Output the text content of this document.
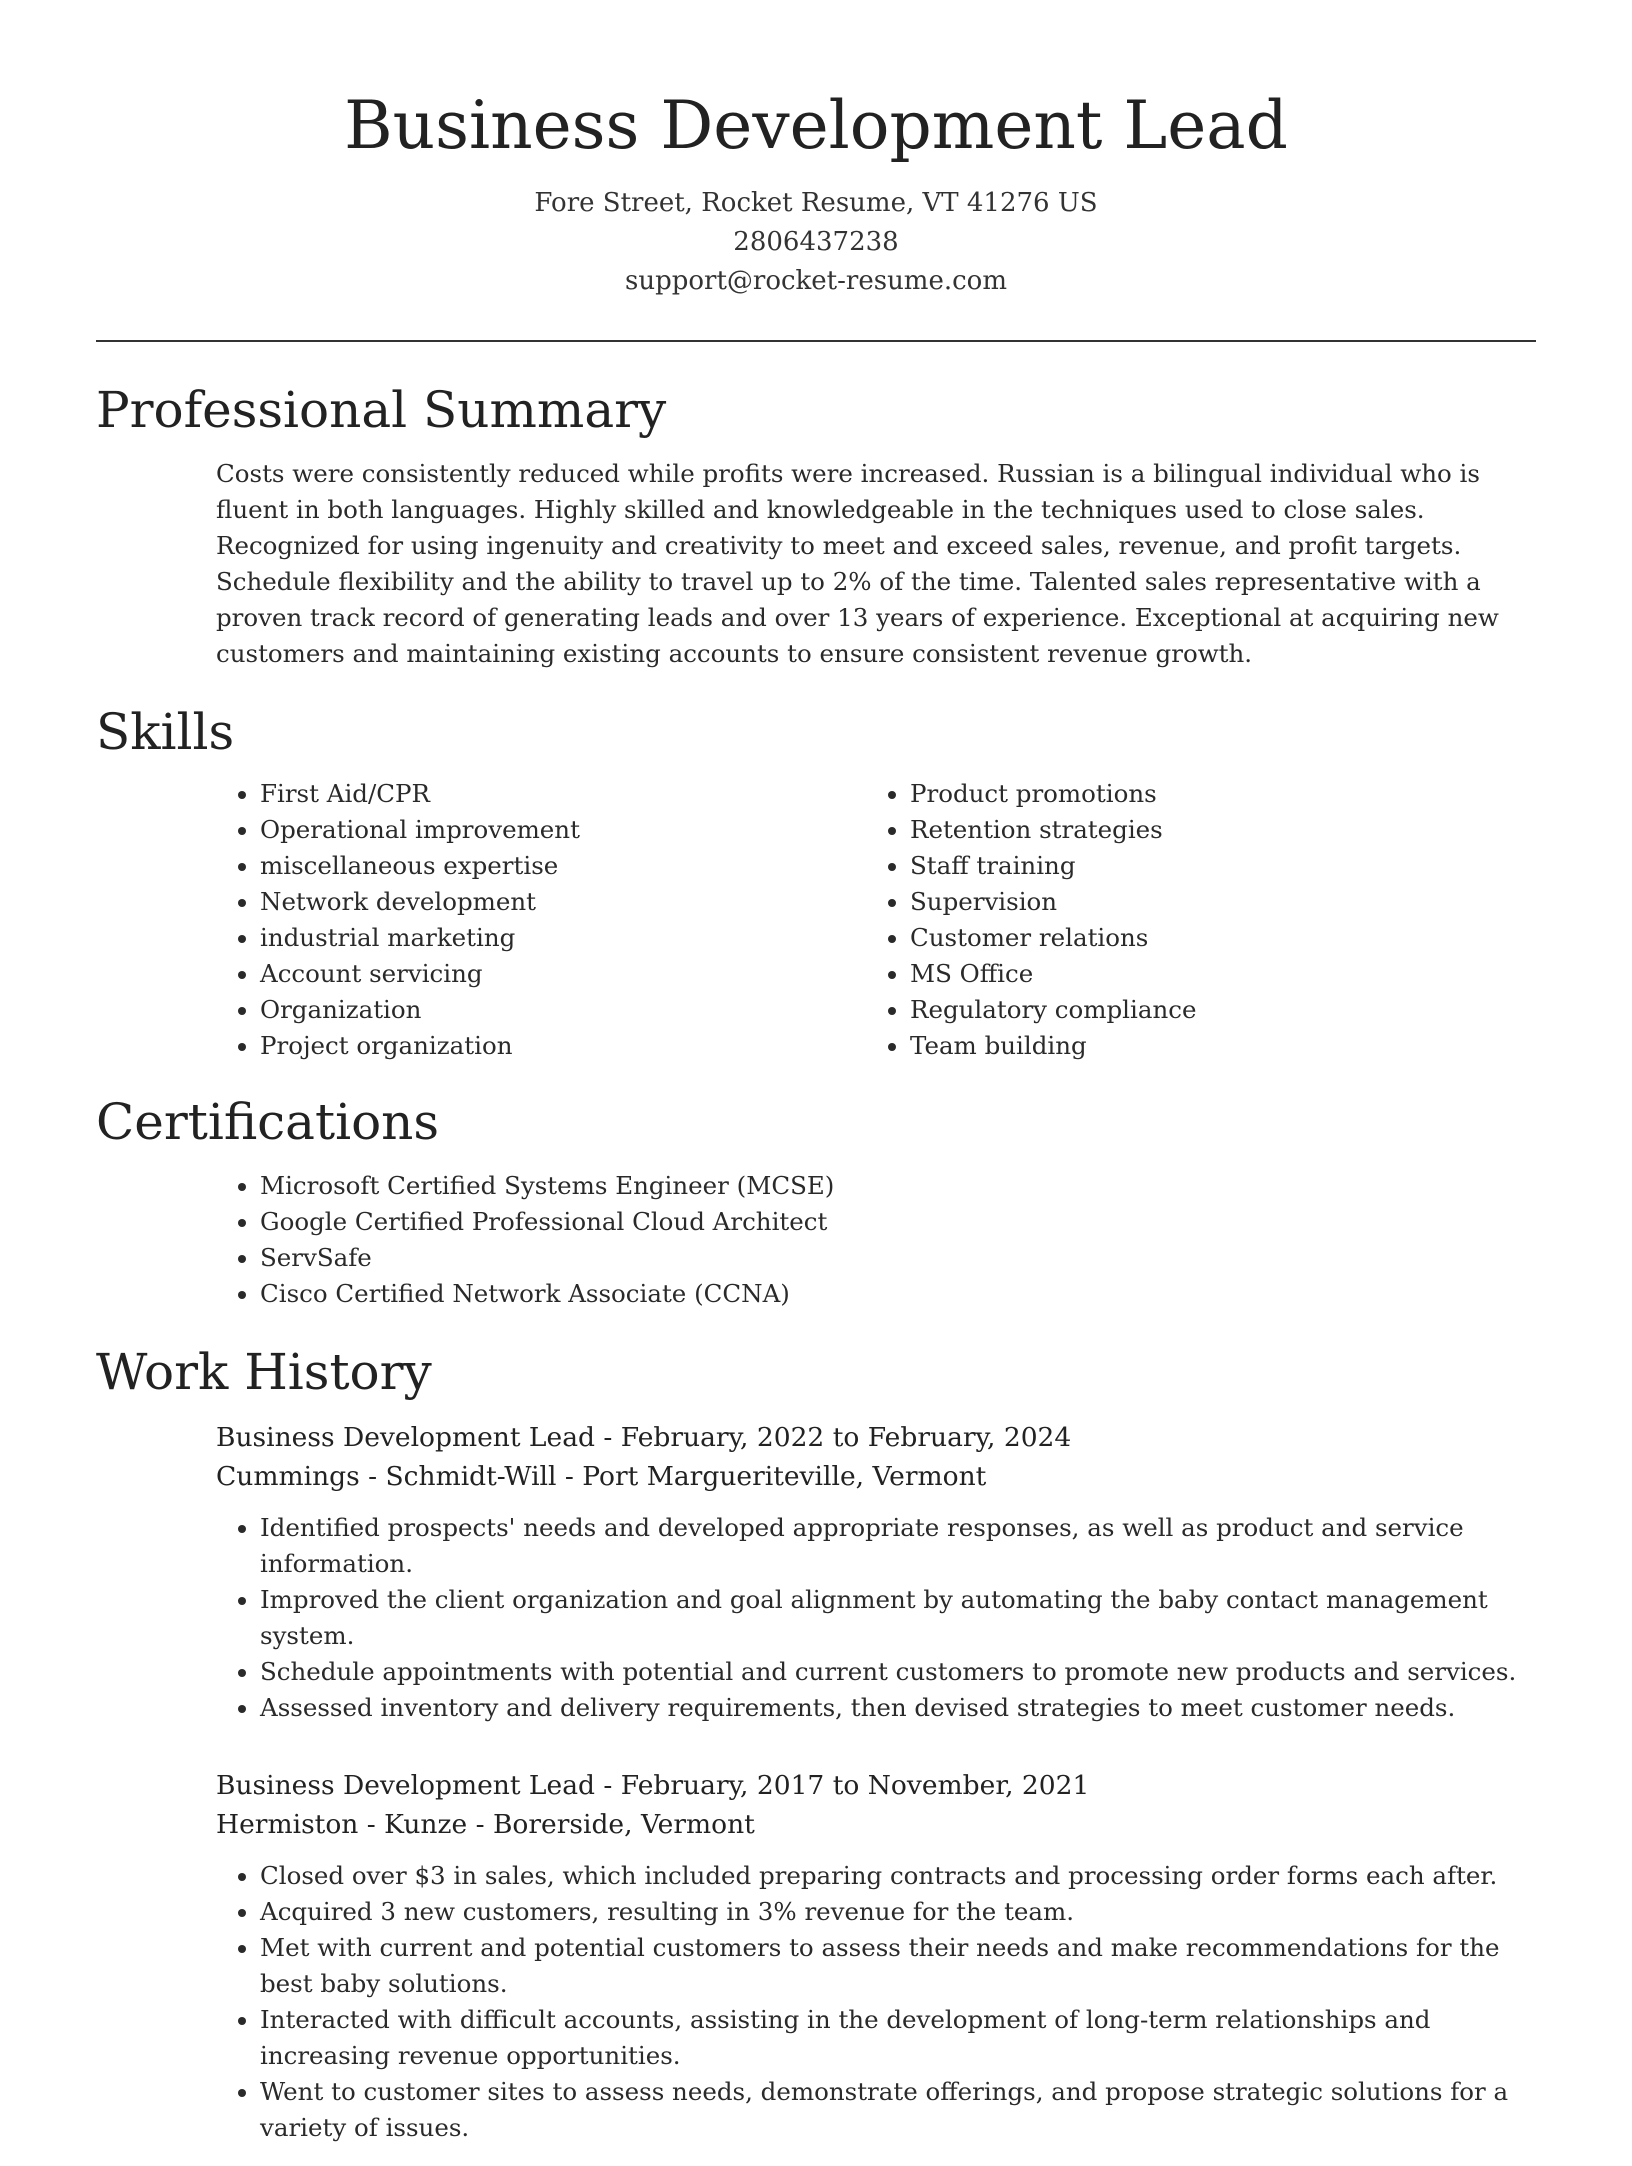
Business Development Lead

Fore Street, Rocket Resume, VT 41276 US

2806437238

support@rocket-resume.com

Professional Summary

Costs were consistently reduced while profits were increased. Russian is a bilingual individual who is fluent in both languages. Highly skilled and knowledgeable in the techniques used to close sales. Recognized for using ingenuity and creativity to meet and exceed sales, revenue, and profit targets. Schedule flexibility and the ability to travel up to 2% of the time. Talented sales representative with a proven track record of generating leads and over 13 years of experience. Exceptional at acquiring new customers and maintaining existing accounts to ensure consistent revenue growth.

Skills
• First Aid/CPR
• Operational improvement
• miscellaneous expertise
• Network development
• industrial marketing
• Account servicing
• Organization
• Project organization
• Product promotions
• Retention strategies
• Staff training
• Supervision
• Customer relations
• MS Office
• Regulatory compliance
• Team building
Certifications
• Microsoft Certified Systems Engineer (MCSE)
• Google Certified Professional Cloud Architect
• ServSafe
• Cisco Certified Network Associate (CCNA)
Work History

Business Development Lead - February, 2022 to February, 2024

Cummings - Schmidt-Will - Port Margueriteville, Vermont

• Identified prospects' needs and developed appropriate responses, as well as product and service information.
• Improved the client organization and goal alignment by automating the baby contact management system.
• Schedule appointments with potential and current customers to promote new products and services.
• Assessed inventory and delivery requirements, then devised strategies to meet customer needs.

Business Development Lead - February, 2017 to November, 2021

Hermiston - Kunze - Borerside, Vermont

• Closed over $3 in sales, which included preparing contracts and processing order forms each after.
• Acquired 3 new customers, resulting in 3% revenue for the team.
• Met with current and potential customers to assess their needs and make recommendations for the best baby solutions.
• Interacted with difficult accounts, assisting in the development of long-term relationships and increasing revenue opportunities.
• Went to customer sites to assess needs, demonstrate offerings, and propose strategic solutions for a variety of issues.
